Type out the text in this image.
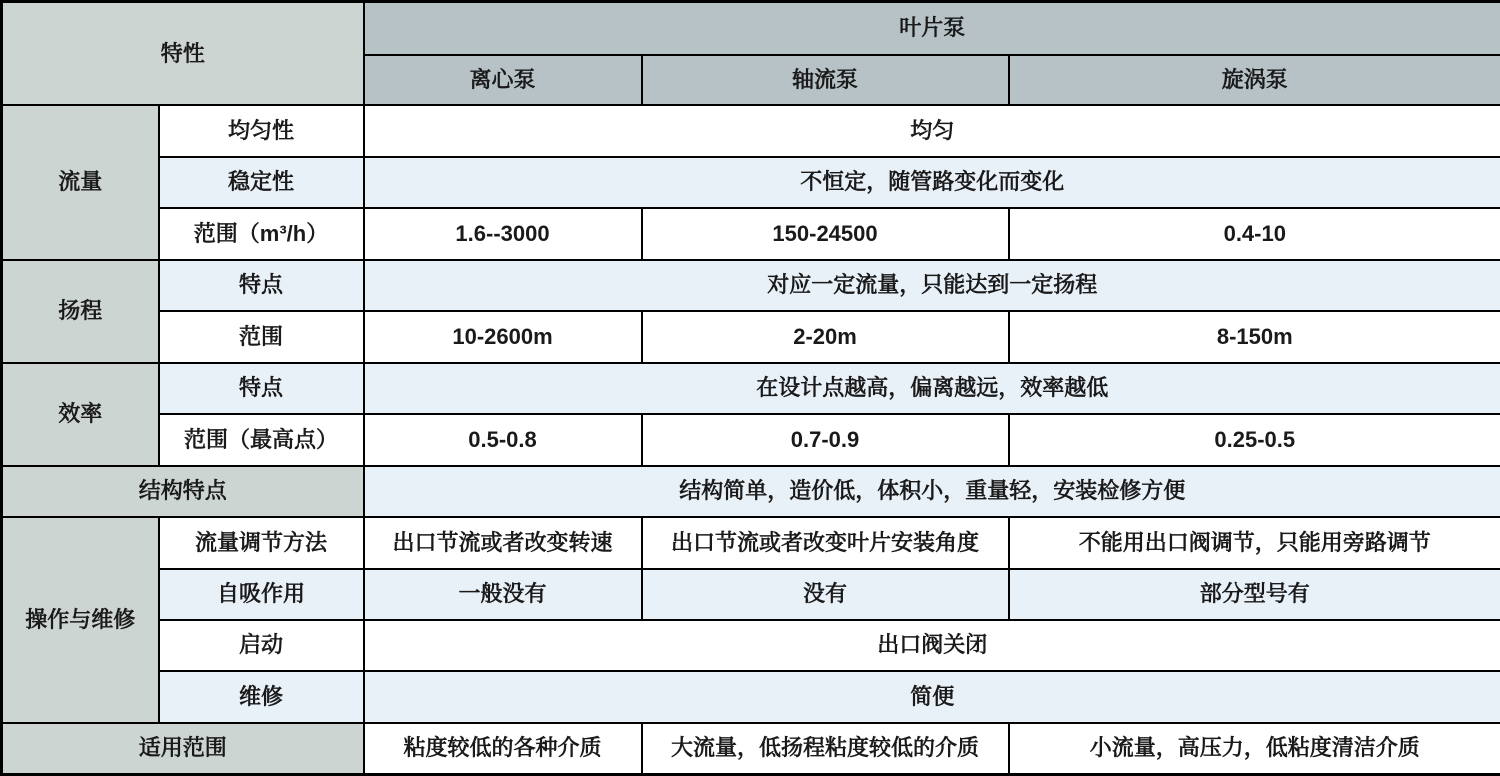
特性		叶片泵		
		离心泵	轴流泵	旋涡泵
流量	均匀性	均匀		
	稳定性	不恒定，随管路变化而变化		
	范围（m³/h）	1.6--3000	150-24500	0.4-10
扬程	特点	对应一定流量，只能达到一定扬程		
	范围	10-2600m	2-20m	8-150m
效率	特点	在设计点越高，偏离越远，效率越低		
	范围（最高点）	0.5-0.8	0.7-0.9	0.25-0.5
结构特点		结构简单，造价低，体积小，重量轻，安装检修方便		
操作与维修	流量调节方法	出口节流或者改变转速	出口节流或者改变叶片安装角度	不能用出口阀调节，只能用旁路调节
	自吸作用	一般没有	没有	部分型号有
	启动	出口阀关闭		
	维修	简便		
适用范围		粘度较低的各种介质	大流量，低扬程粘度较低的介质	小流量，高压力，低粘度清洁介质
